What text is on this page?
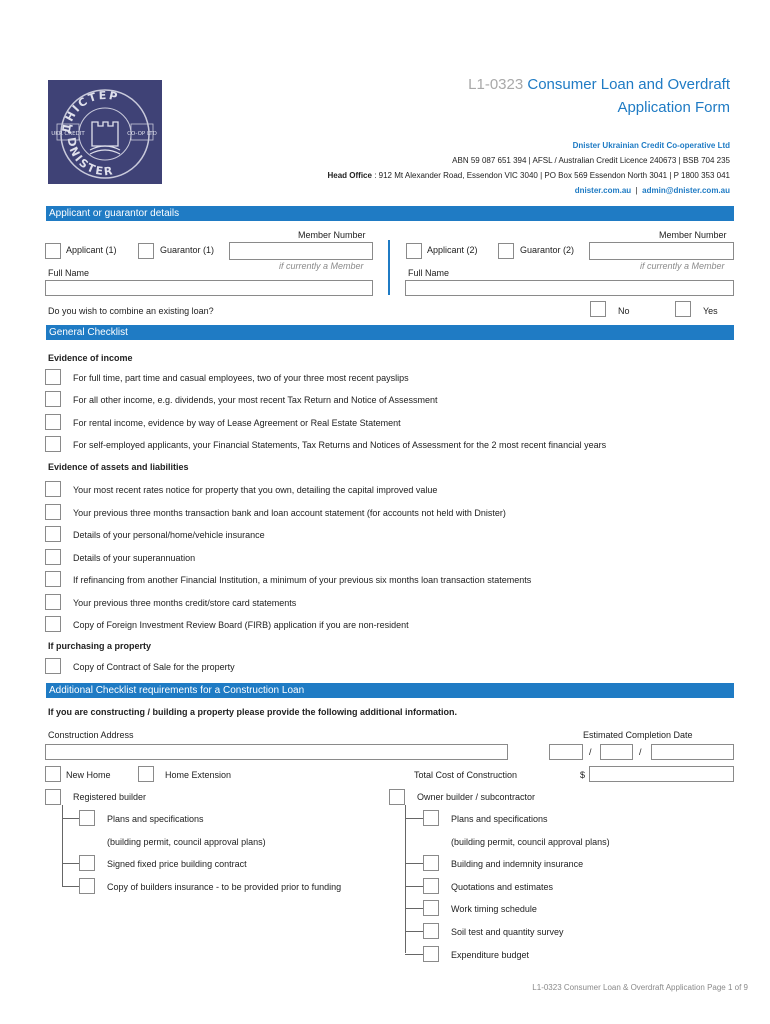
ДНІСТЕР
DNISTER
UKR CREDIT	CO-OP LTD
L1-0323 Consumer Loan and Overdraft
Application Form
Dnister Ukrainian Credit Co-operative Ltd
ABN 59 087 651 394 | AFSL / Australian Credit Licence 240673 | BSB 704 235
Head Office : 912 Mt Alexander Road, Essendon VIC 3040 | PO Box 569 Essendon North 3041 | P 1800 353 041
dnister.com.au | admin@dnister.com.au
Applicant or guarantor details
Member Number	Member Number
Applicant (1)	Guarantor (1)
if currently a Member
Applicant (2)	Guarantor (2)
if currently a Member
Full Name	Full Name
Do you wish to combine an existing loan?	No	Yes
General Checklist
Evidence of income
For full time, part time and casual employees, two of your three most recent payslips
For all other income, e.g. dividends, your most recent Tax Return and Notice of Assessment
For rental income, evidence by way of Lease Agreement or Real Estate Statement
For self-employed applicants, your Financial Statements, Tax Returns and Notices of Assessment for the 2 most recent financial years
Evidence of assets and liabilities
Your most recent rates notice for property that you own, detailing the capital improved value
Your previous three months transaction bank and loan account statement (for accounts not held with Dnister)
Details of your personal/home/vehicle insurance
Details of your superannuation
If refinancing from another Financial Institution, a minimum of your previous six months loan transaction statements
Your previous three months credit/store card statements
Copy of Foreign Investment Review Board (FIRB) application if you are non-resident
If purchasing a property
Copy of Contract of Sale for the property
Additional Checklist requirements for a Construction Loan
If you are constructing / building a property please provide the following additional information.
Construction Address	Estimated Completion Date
/	/
New Home	Home Extension	Total Cost of Construction	$
Registered builder	Owner builder / subcontractor
Plans and specifications
(building permit, council approval plans)
Signed fixed price building contract
Copy of builders insurance - to be provided prior to funding
Plans and specifications
(building permit, council approval plans)
Building and indemnity insurance
Quotations and estimates
Work timing schedule
Soil test and quantity survey
Expenditure budget
L1-0323 Consumer Loan & Overdraft Application Page 1 of 9
